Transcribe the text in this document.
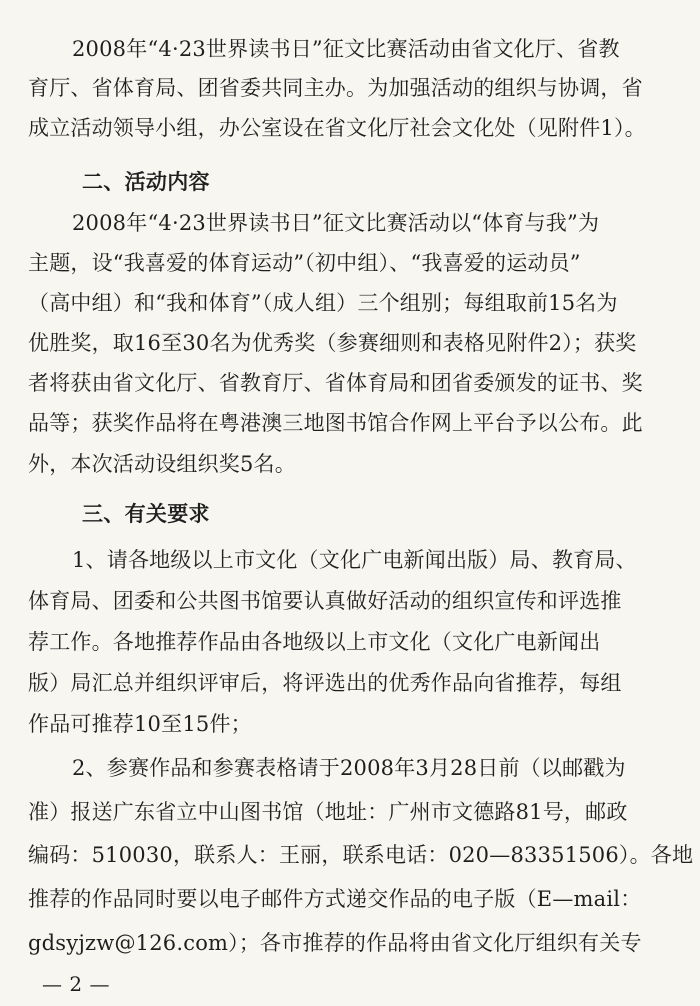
2008年“4·23世界读书日”征文比赛活动由省文化厅、省教
育厅、省体育局、团省委共同主办。为加强活动的组织与协调，省
成立活动领导小组，办公室设在省文化厅社会文化处（见附件1）。
二、活动内容
2008年“4·23世界读书日”征文比赛活动以“体育与我”为
主题，设“我喜爱的体育运动”（初中组）、“我喜爱的运动员”
（高中组）和“我和体育”（成人组）三个组别；每组取前15名为
优胜奖，取16至30名为优秀奖（参赛细则和表格见附件2）；获奖
者将获由省文化厅、省教育厅、省体育局和团省委颁发的证书、奖
品等；获奖作品将在粤港澳三地图书馆合作网上平台予以公布。此
外，本次活动设组织奖5名。
三、有关要求
1、请各地级以上市文化（文化广电新闻出版）局、教育局、
体育局、团委和公共图书馆要认真做好活动的组织宣传和评选推
荐工作。各地推荐作品由各地级以上市文化（文化广电新闻出
版）局汇总并组织评审后，将评选出的优秀作品向省推荐，每组
作品可推荐10至15件；
2、参赛作品和参赛表格请于2008年3月28日前（以邮戳为
准）报送广东省立中山图书馆（地址：广州市文德路81号，邮政
编码：510030，联系人：王丽，联系电话：020—83351506）。各地
推荐的作品同时要以电子邮件方式递交作品的电子版（E—mail：
gdsyjzw@126.com）；各市推荐的作品将由省文化厅组织有关专
— 2 —
